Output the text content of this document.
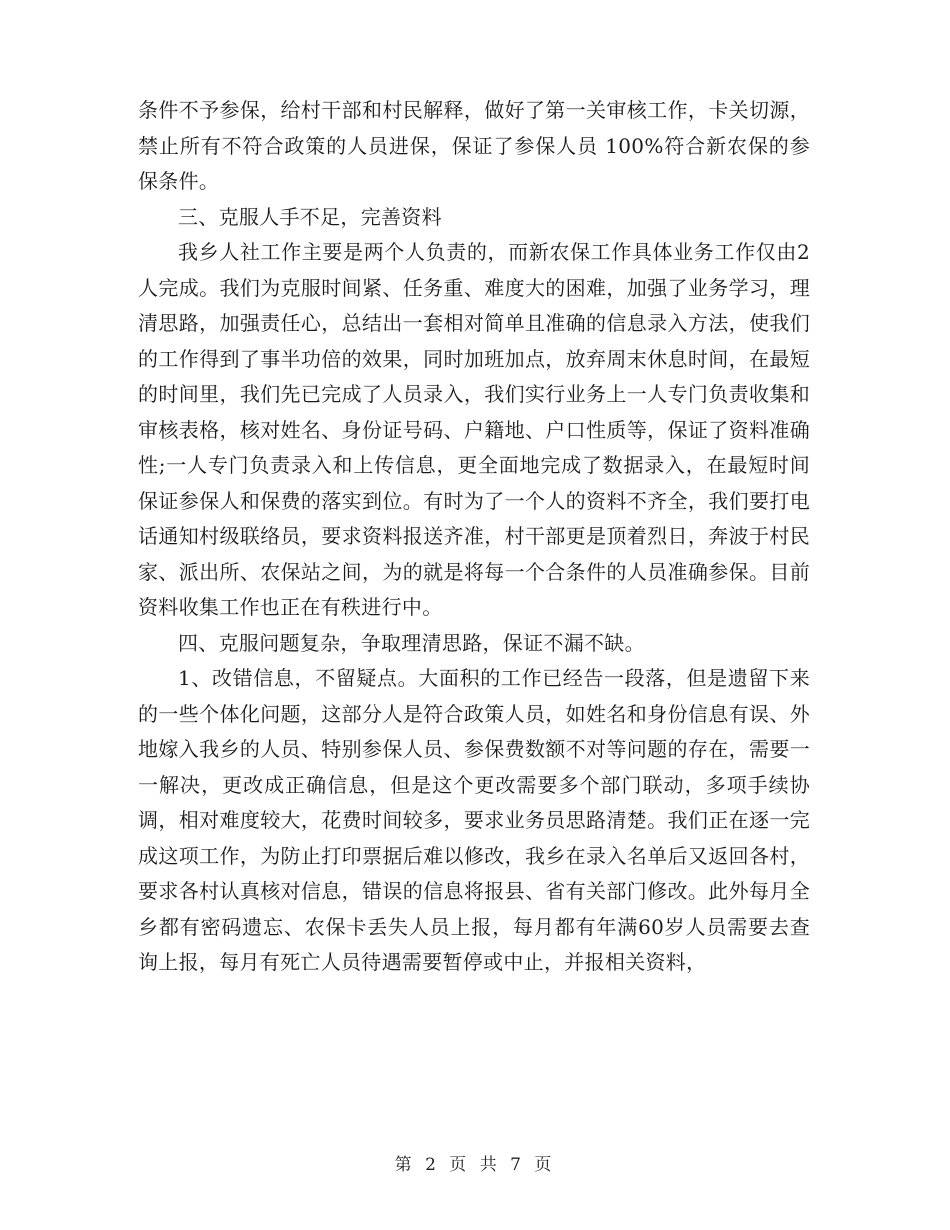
条件不予参保，给村干部和村民解释，做好了第一关审核工作，卡关切源，禁止所有不符合政策的人员进保，保证了参保人员 100%符合新农保的参保条件。

三、克服人手不足，完善资料

我乡人社工作主要是两个人负责的，而新农保工作具体业务工作仅由2人完成。我们为克服时间紧、任务重、难度大的困难，加强了业务学习，理清思路，加强责任心，总结出一套相对简单且准确的信息录入方法，使我们的工作得到了事半功倍的效果，同时加班加点，放弃周末休息时间，在最短的时间里，我们先已完成了人员录入，我们实行业务上一人专门负责收集和审核表格，核对姓名、身份证号码、户籍地、户口性质等，保证了资料准确性;一人专门负责录入和上传信息，更全面地完成了数据录入，在最短时间保证参保人和保费的落实到位。有时为了一个人的资料不齐全，我们要打电话通知村级联络员，要求资料报送齐准，村干部更是顶着烈日，奔波于村民家、派出所、农保站之间，为的就是将每一个合条件的人员准确参保。目前资料收集工作也正在有秩进行中。

四、克服问题复杂，争取理清思路，保证不漏不缺。

1、改错信息，不留疑点。大面积的工作已经告一段落，但是遗留下来的一些个体化问题，这部分人是符合政策人员，如姓名和身份信息有误、外地嫁入我乡的人员、特别参保人员、参保费数额不对等问题的存在，需要一一解决，更改成正确信息，但是这个更改需要多个部门联动，多项手续协调，相对难度较大，花费时间较多，要求业务员思路清楚。我们正在逐一完成这项工作，为防止打印票据后难以修改，我乡在录入名单后又返回各村，要求各村认真核对信息，错误的信息将报县、省有关部门修改。此外每月全乡都有密码遗忘、农保卡丢失人员上报，每月都有年满60岁人员需要去查询上报，每月有死亡人员待遇需要暂停或中止，并报相关资料，

第 2 页 共 7 页
